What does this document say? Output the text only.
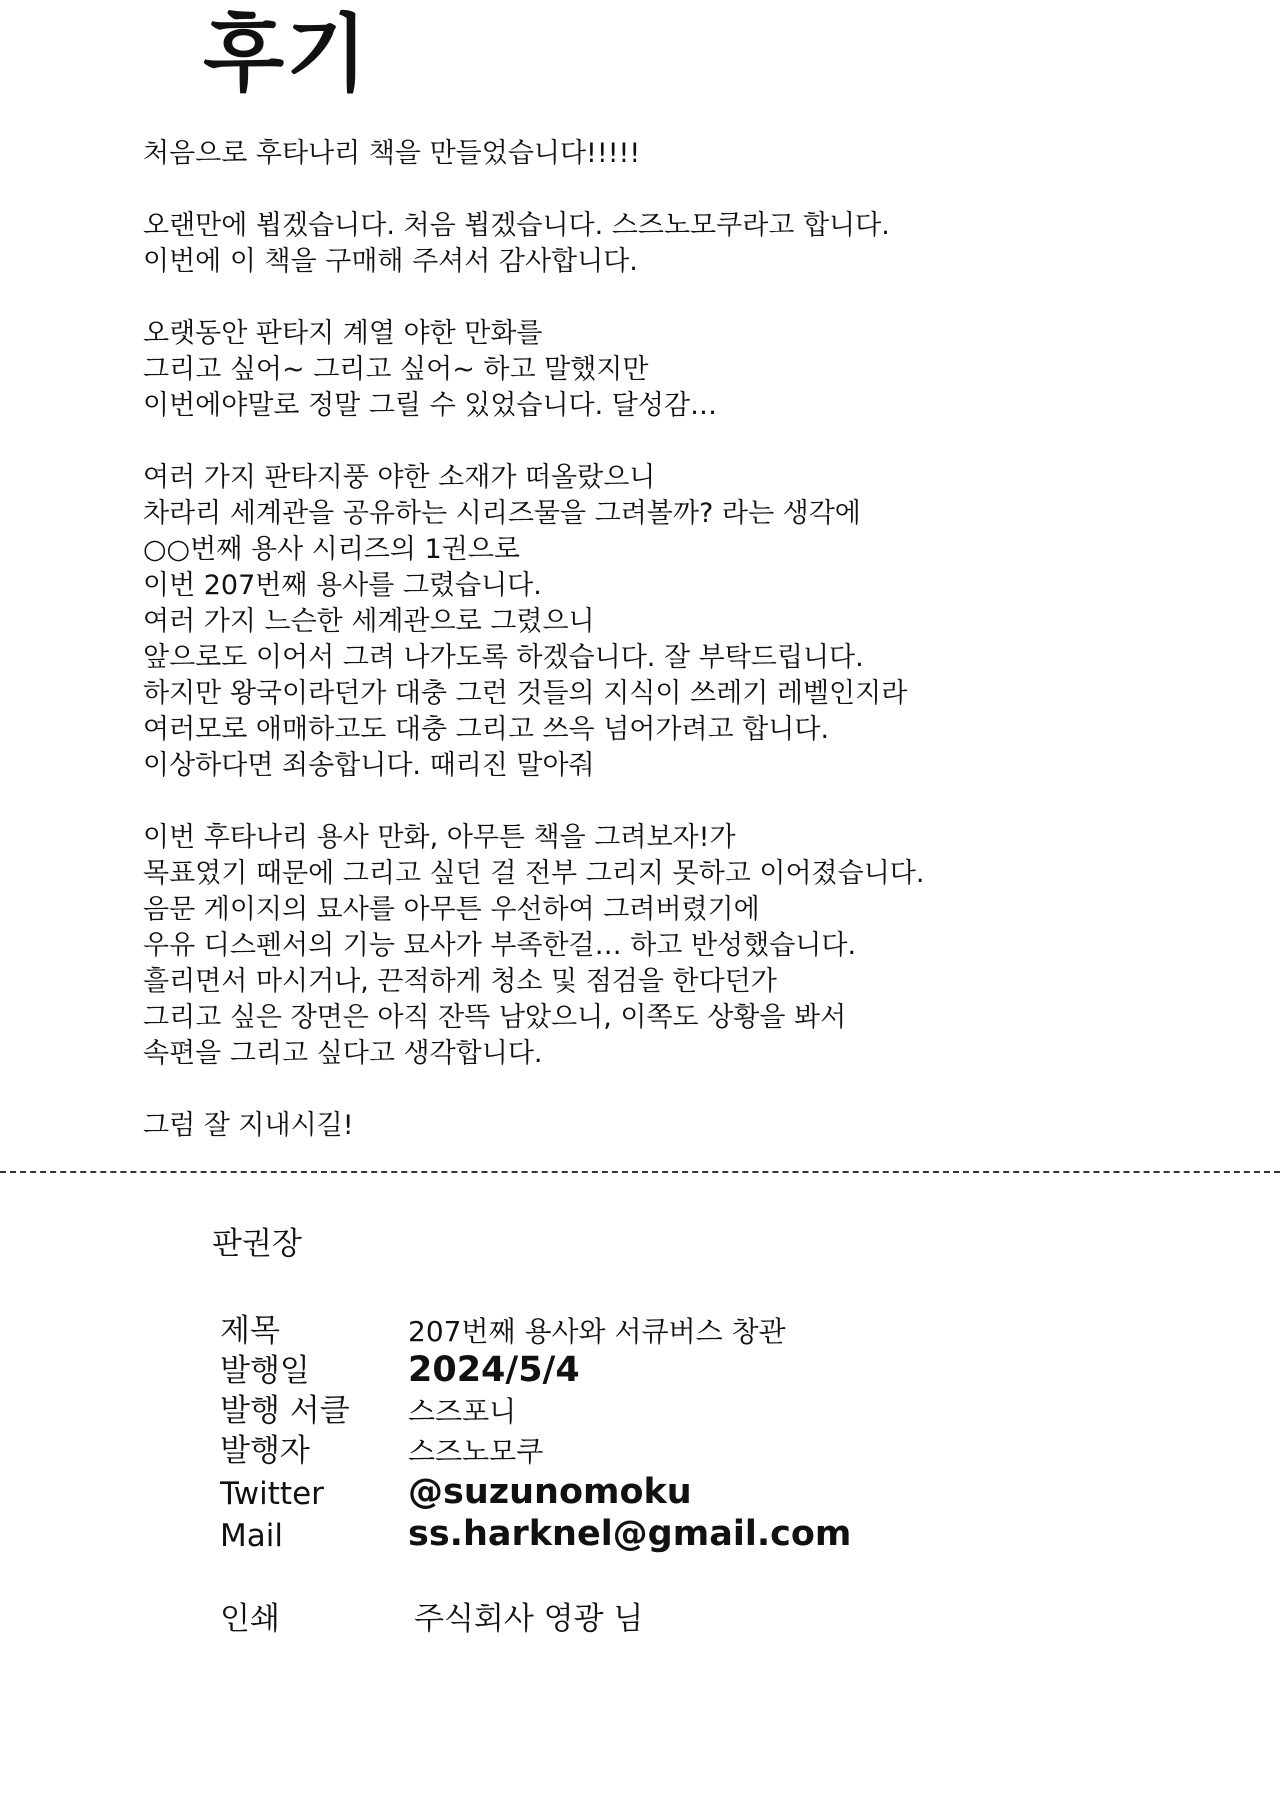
후기
처음으로 후타나리 책을 만들었습니다!!!!!
오랜만에 뵙겠습니다. 처음 뵙겠습니다. 스즈노모쿠라고 합니다.
이번에 이 책을 구매해 주셔서 감사합니다.
오랫동안 판타지 계열 야한 만화를
그리고 싶어~ 그리고 싶어~ 하고 말했지만
이번에야말로 정말 그릴 수 있었습니다. 달성감…
여러 가지 판타지풍 야한 소재가 떠올랐으니
차라리 세계관을 공유하는 시리즈물을 그려볼까? 라는 생각에
○○번째 용사 시리즈의 1권으로
이번 207번째 용사를 그렸습니다.
여러 가지 느슨한 세계관으로 그렸으니
앞으로도 이어서 그려 나가도록 하겠습니다. 잘 부탁드립니다.
하지만 왕국이라던가 대충 그런 것들의 지식이 쓰레기 레벨인지라
여러모로 애매하고도 대충 그리고 쓰윽 넘어가려고 합니다.
이상하다면 죄송합니다. 때리진 말아줘
이번 후타나리 용사 만화, 아무튼 책을 그려보자!가
목표였기 때문에 그리고 싶던 걸 전부 그리지 못하고 이어졌습니다.
음문 게이지의 묘사를 아무튼 우선하여 그려버렸기에
우유 디스펜서의 기능 묘사가 부족한걸… 하고 반성했습니다.
흘리면서 마시거나, 끈적하게 청소 및 점검을 한다던가
그리고 싶은 장면은 아직 잔뜩 남았으니, 이쪽도 상황을 봐서
속편을 그리고 싶다고 생각합니다.
그럼 잘 지내시길!
판권장
제목	207번째 용사와 서큐버스 창관
발행일	2024/5/4
발행 서클 스즈포니
발행자	스즈노모쿠
Twitter @suzunomoku
Mail	ss.harknel@gmail.com
인쇄	주식회사 영광 님
